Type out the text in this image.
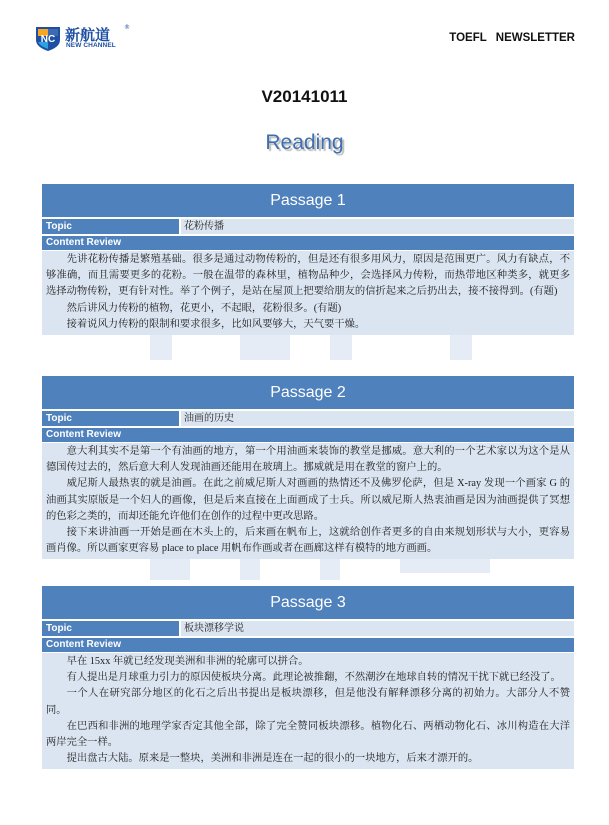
NC 新航道 ®
NEW CHANNEL
TOEFL NEWSLETTER
V20141011
Reading
Passage 1
Topic	花粉传播
Content Review

先讲花粉传播是繁殖基础。很多是通过动物传粉的，但是还有很多用风力，原因是范围更广。风力有缺点，不够准确，而且需要更多的花粉。一般在温带的森林里，植物品种少，会选择风力传粉，而热带地区种类多，就更多选择动物传粉，更有针对性。举了个例子，是站在屋顶上把要给朋友的信折起来之后扔出去，接不接得到。(有题)

然后讲风力传粉的植物，花更小，不起眼，花粉很多。(有题)

接着说风力传粉的限制和要求很多，比如风要够大，天气要干燥。

Passage 2
Topic	油画的历史
Content Review

意大利其实不是第一个有油画的地方，第一个用油画来装饰的教堂是挪威。意大利的一个艺术家以为这个是从德国传过去的，然后意大利人发现油画还能用在玻璃上。挪威就是用在教堂的窗户上的。

威尼斯人最热衷的就是油画。在此之前威尼斯人对画画的热情还不及佛罗伦萨，但是 X-ray 发现一个画家 G 的油画其实原版是一个妇人的画像，但是后来直接在上面画成了士兵。所以威尼斯人热衷油画是因为油画提供了冥想的色彩之类的，而却还能允许他们在创作的过程中更改思路。

接下来讲油画一开始是画在木头上的，后来画在帆布上，这就给创作者更多的自由来规划形状与大小，更容易画肖像。所以画家更容易 place to place 用帆布作画或者在画廊这样有模特的地方画画。

Passage 3
Topic	板块漂移学说
Content Review

早在 15xx 年就已经发现美洲和非洲的轮廓可以拼合。

有人提出是月球重力引力的原因使板块分离。此理论被推翻，不然潮汐在地球自转的情况干扰下就已经没了。

一个人在研究部分地区的化石之后出书提出是板块漂移，但是他没有解释漂移分离的初始力。大部分人不赞同。

在巴西和非洲的地理学家否定其他全部，除了完全赞同板块漂移。植物化石、两栖动物化石、冰川构造在大洋两岸完全一样。

提出盘古大陆。原来是一整块，美洲和非洲是连在一起的很小的一块地方，后来才漂开的。
